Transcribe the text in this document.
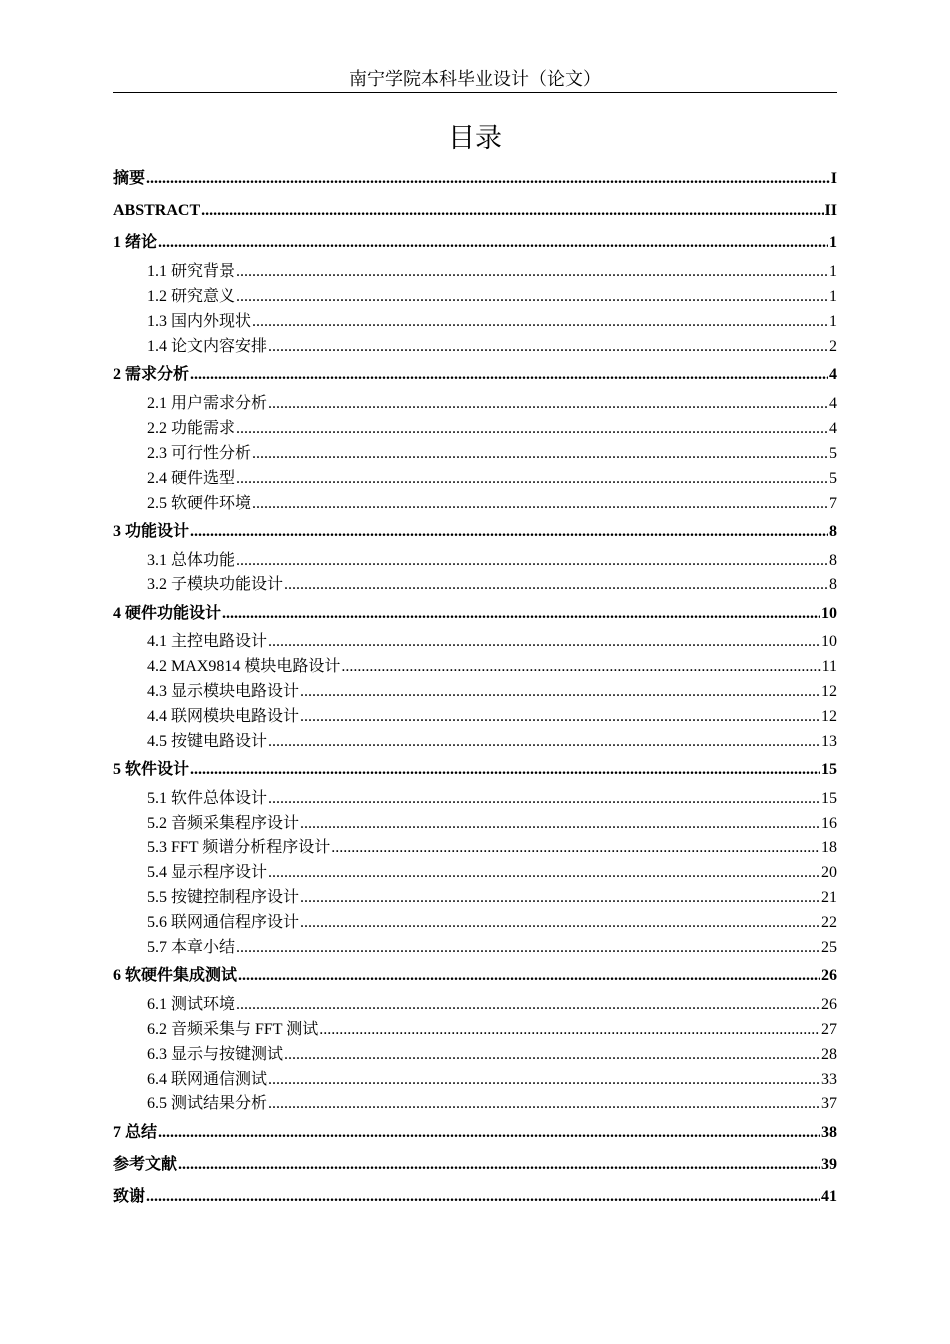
南宁学院本科毕业设计（论文）
目录
摘要 .....	I
ABSTRACT .....	II
1 绪论 .....	1
1.1 研究背景 .....	1
1.2 研究意义 .....	1
1.3 国内外现状 .....	1
1.4 论文内容安排 .....	2
2 需求分析 .....	4
2.1 用户需求分析 .....	4
2.2 功能需求 .....	4
2.3 可行性分析 .....	5
2.4 硬件选型 .....	5
2.5 软硬件环境 .....	7
3 功能设计 .....	8
3.1 总体功能 .....	8
3.2 子模块功能设计 .....	8
4 硬件功能设计 .....	10
4.1 主控电路设计 .....	10
4.2 MAX9814 模块电路设计 .....	11
4.3 显示模块电路设计 .....	12
4.4 联网模块电路设计 .....	12
4.5 按键电路设计 .....	13
5 软件设计 .....	15
5.1 软件总体设计 .....	15
5.2 音频采集程序设计 .....	16
5.3 FFT 频谱分析程序设计 .....	18
5.4 显示程序设计 .....	20
5.5 按键控制程序设计 .....	21
5.6 联网通信程序设计 .....	22
5.7 本章小结 .....	25
6 软硬件集成测试 .....	26
6.1 测试环境 .....	26
6.2 音频采集与 FFT 测试 .....	27
6.3 显示与按键测试 .....	28
6.4 联网通信测试 .....	33
6.5 测试结果分析 .....	37
7 总结 .....	38
参考文献 .....	39
致谢 .....	41
